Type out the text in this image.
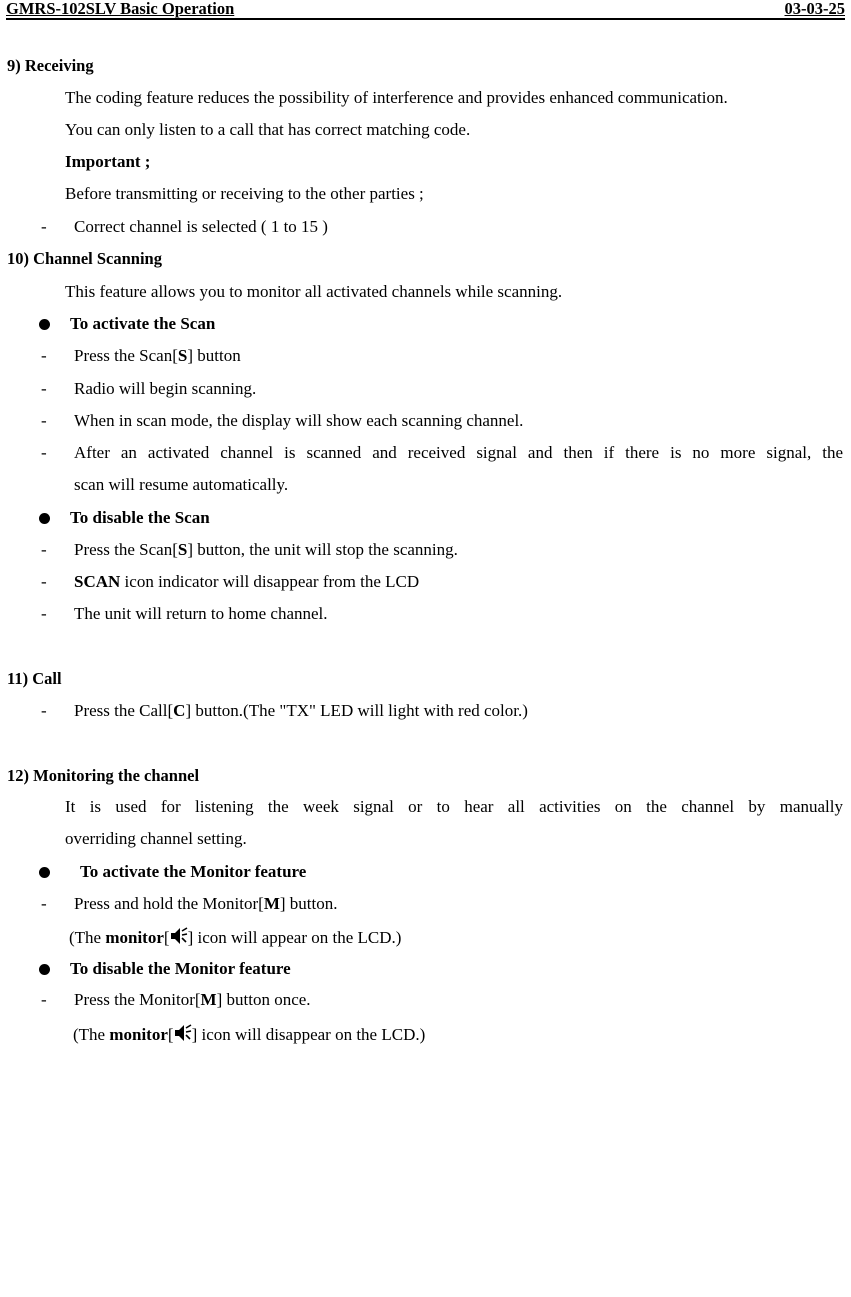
GMRS-102SLV Basic Operation	03-03-25
9) Receiving
The coding feature reduces the possibility of interference and provides enhanced communication.
You can only listen to a call that has correct matching code.
Important ;
Before transmitting or receiving to the other parties ;
- Correct channel is selected ( 1 to 15 )
10) Channel Scanning
This feature allows you to monitor all activated channels while scanning.
To activate the Scan
- Press the Scan[S] button
- Radio will begin scanning.
- When in scan mode, the display will show each scanning channel.
- After an activated channel is scanned and received signal and then if there is no more signal, the
scan will resume automatically.
To disable the Scan
- Press the Scan[S] button, the unit will stop the scanning.
- SCAN icon indicator will disappear from the LCD
- The unit will return to home channel.
11) Call
- Press the Call[C] button.(The "TX" LED will light with red color.)
12) Monitoring the channel
It is used for listening the week signal or to hear all activities on the channel by manually
overriding channel setting.
To activate the Monitor feature
- Press and hold the Monitor[M] button.
(The monitor[ ] icon will appear on the LCD.)
To disable the Monitor feature
- Press the Monitor[M] button once.
(The monitor[ ] icon will disappear on the LCD.)
